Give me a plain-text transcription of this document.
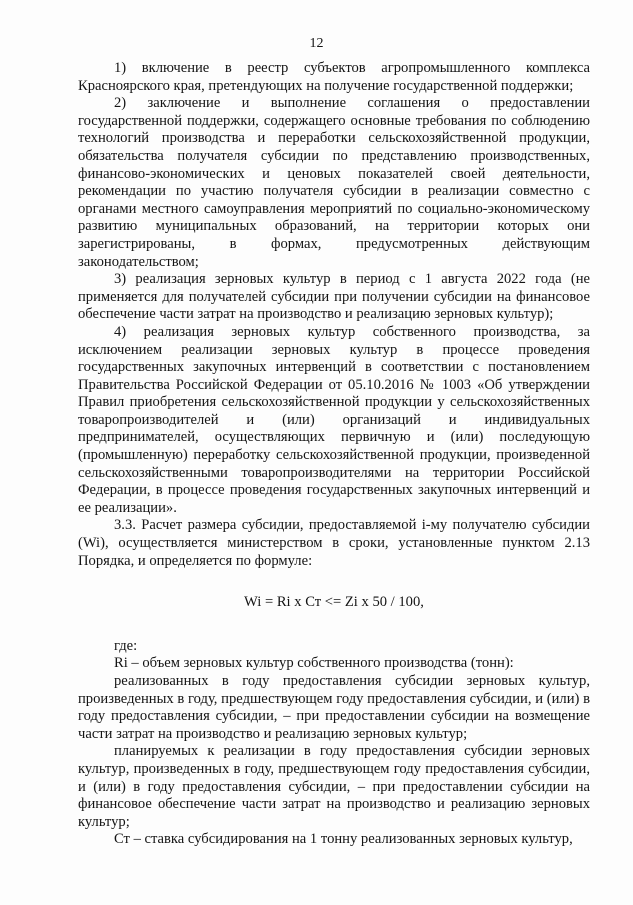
12

1) включение в реестр субъектов агропромышленного комплекса Красноярского края, претендующих на получение государственной поддержки;

2) заключение и выполнение соглашения о предоставлении государственной поддержки, содержащего основные требования по соблюдению технологий производства и переработки сельскохозяйственной продукции, обязательства получателя субсидии по представлению производственных, финансово-экономических и ценовых показателей своей деятельности, рекомендации по участию получателя субсидии в реализации совместно с органами местного самоуправления мероприятий по социально-экономическому развитию муниципальных образований, на территории которых они зарегистрированы, в формах, предусмотренных действующим законодательством;

3) реализация зерновых культур в период с 1 августа 2022 года (не применяется для получателей субсидии при получении субсидии на финансовое обеспечение части затрат на производство и реализацию зерновых культур);

4) реализация зерновых культур собственного производства, за исключением реализации зерновых культур в процессе проведения государственных закупочных интервенций в соответствии с постановлением Правительства Российской Федерации от 05.10.2016 № 1003 «Об утверждении Правил приобретения сельскохозяйственной продукции у сельскохозяйственных товаропроизводителей и (или) организаций и индивидуальных предпринимателей, осуществляющих первичную и (или) последующую (промышленную) переработку сельскохозяйственной продукции, произведенной сельскохозяйственными товаропроизводителями на территории Российской Федерации, в процессе проведения государственных закупочных интервенций и ее реализации».

3.3. Расчет размера субсидии, предоставляемой i-му получателю субсидии (Wi), осуществляется министерством в сроки, установленные пунктом 2.13 Порядка, и определяется по формуле:

Wi = Ri x Ст <= Zi x 50 / 100,

где:

Ri – объем зерновых культур собственного производства (тонн):

реализованных в году предоставления субсидии зерновых культур, произведенных в году, предшествующем году предоставления субсидии, и (или) в году предоставления субсидии, – при предоставлении субсидии на возмещение части затрат на производство и реализацию зерновых культур;

планируемых к реализации в году предоставления субсидии зерновых культур, произведенных в году, предшествующем году предоставления субсидии, и (или) в году предоставления субсидии, – при предоставлении субсидии на финансовое обеспечение части затрат на производство и реализацию зерновых культур;

Ст – ставка субсидирования на 1 тонну реализованных зерновых культур,
